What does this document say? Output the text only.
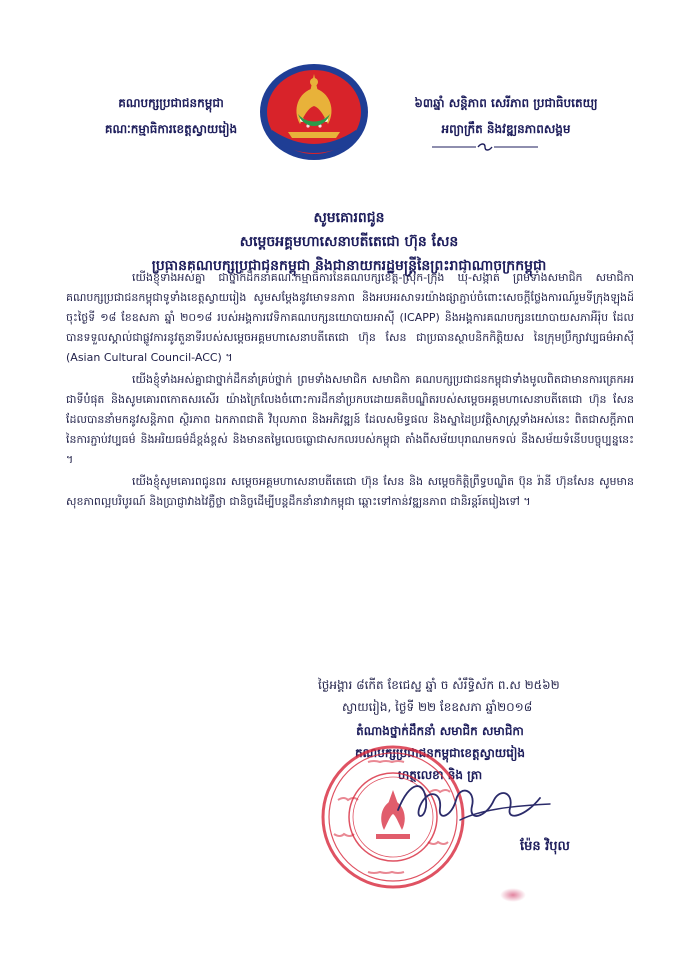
គណបក្សប្រជាជនកម្ពុជា
គណៈកម្មាធិការខេត្តស្វាយរៀង
៦៣ឆ្នាំ សន្តិភាព សេរីភាព ប្រជាធិបតេយ្យ
អព្យាក្រឹត និងវឌ្ឍនភាពសង្គម
សូមគោរពជូន
សម្តេចអគ្គមហាសេនាបតីតេជោ ហ៊ុន សែន
ប្រធានគណបក្សប្រជាជនកម្ពុជា និងជានាយករដ្ឋមន្ត្រីនៃព្រះរាជាណាចក្រកម្ពុជា

យើងខ្ញុំទាំងអស់គ្នា ជាថ្នាក់ដឹកនាំគណៈកម្មាធិការនៃគណបក្សខេត្ត-ស្រុក-ក្រុង ឃុំ-សង្កាត់ ព្រមទាំងសមាជិក សមាជិកា គណបក្សប្រជាជនកម្ពុជាទូទាំងខេត្តស្វាយរៀង សូមសម្តែងនូវមោទនភាព និងអបអរសាទរយ៉ាងផ្សាភ្ជាប់ចំពោះសេចក្តីថ្លែងការណ៍រួមទីក្រុងឡុងដ៍ ចុះថ្ងៃទី ១៨ ខែឧសភា ឆ្នាំ ២០១៨ របស់អង្គការវេទិកាគណបក្សនយោបាយអាស៊ី (ICAPP) និងអង្គការគណបក្សនយោបាយសភាអឺរ៉ុប ដែលបានទទួលស្គាល់ជាផ្លូវការនូវតួនាទីរបស់សម្តេចអគ្គមហាសេនាបតីតេជោ ហ៊ុន សែន ជាប្រធានស្ថាបនិកកិត្តិយស នៃក្រុមប្រឹក្សាវប្បធម៌អាស៊ី (Asian Cultural Council-ACC) ។

យើងខ្ញុំទាំងអស់គ្នាជាថ្នាក់ដឹកនាំគ្រប់ថ្នាក់ ព្រមទាំងសមាជិក សមាជិកា គណបក្សប្រជាជនកម្ពុជាទាំងមូលពិតជាមានការត្រេកអរជាទីបំផុត និងសូមគោរពកោតសរសើរ យ៉ាងក្រៃលែងចំពោះការដឹកនាំប្រកបដោយគតិបណ្ឌិតរបស់សម្តេចអគ្គមហាសេនាបតីតេជោ ហ៊ុន សែន ដែលបាននាំមកនូវសន្តិភាព ស្ថិរភាព ឯកភាពជាតិ វិបុលភាព និងអភិវឌ្ឍន៍ ដែលសមិទ្ធផល និងស្នាដៃប្រវត្តិសាស្ត្រទាំងអស់នេះ ពិតជាសក្តីភាពនៃការភ្ជាប់វប្បធម៌ និងអរិយធម៌ដ៏ខ្ពង់ខ្ពស់ និងមានតម្លៃលេចធ្លោជាសកលរបស់កម្ពុជា តាំងពីសម័យបុរាណមកទល់ នឹងសម័យទំនើបបច្ចុប្បន្ននេះ ។

យើងខ្ញុំសូមគោរពជូនពរ សម្តេចអគ្គមហាសេនាបតីតេជោ ហ៊ុន សែន និង សម្តេចកិត្តិព្រឹទ្ធបណ្ឌិត ប៊ុន រ៉ានី ហ៊ុនសែន សូមមានសុខភាពល្អបរិបូរណ៍ និងប្រាជ្ញាវាងវៃភ្លឺថ្លា ជានិច្ចដើម្បីបន្តដឹកនាំនាវាកម្ពុជា ឆ្ពោះទៅកាន់វឌ្ឍនភាព ជានិរន្តរ៍តរៀងទៅ ។

ថ្ងៃអង្គារ ៨កើត ខែជេស្ឋ ឆ្នាំ ច សំរឹទ្ធិស័ក ព.ស ២៥៦២
ស្វាយរៀង, ថ្ងៃទី ២២ ខែឧសភា ឆ្នាំ២០១៨
តំណាងថ្នាក់ដឹកនាំ សមាជិក សមាជិកា
គណបក្សប្រជាជនកម្ពុជាខេត្តស្វាយរៀង
ហត្ថលេខា និង ត្រា
ម៉ែន វិបុល
